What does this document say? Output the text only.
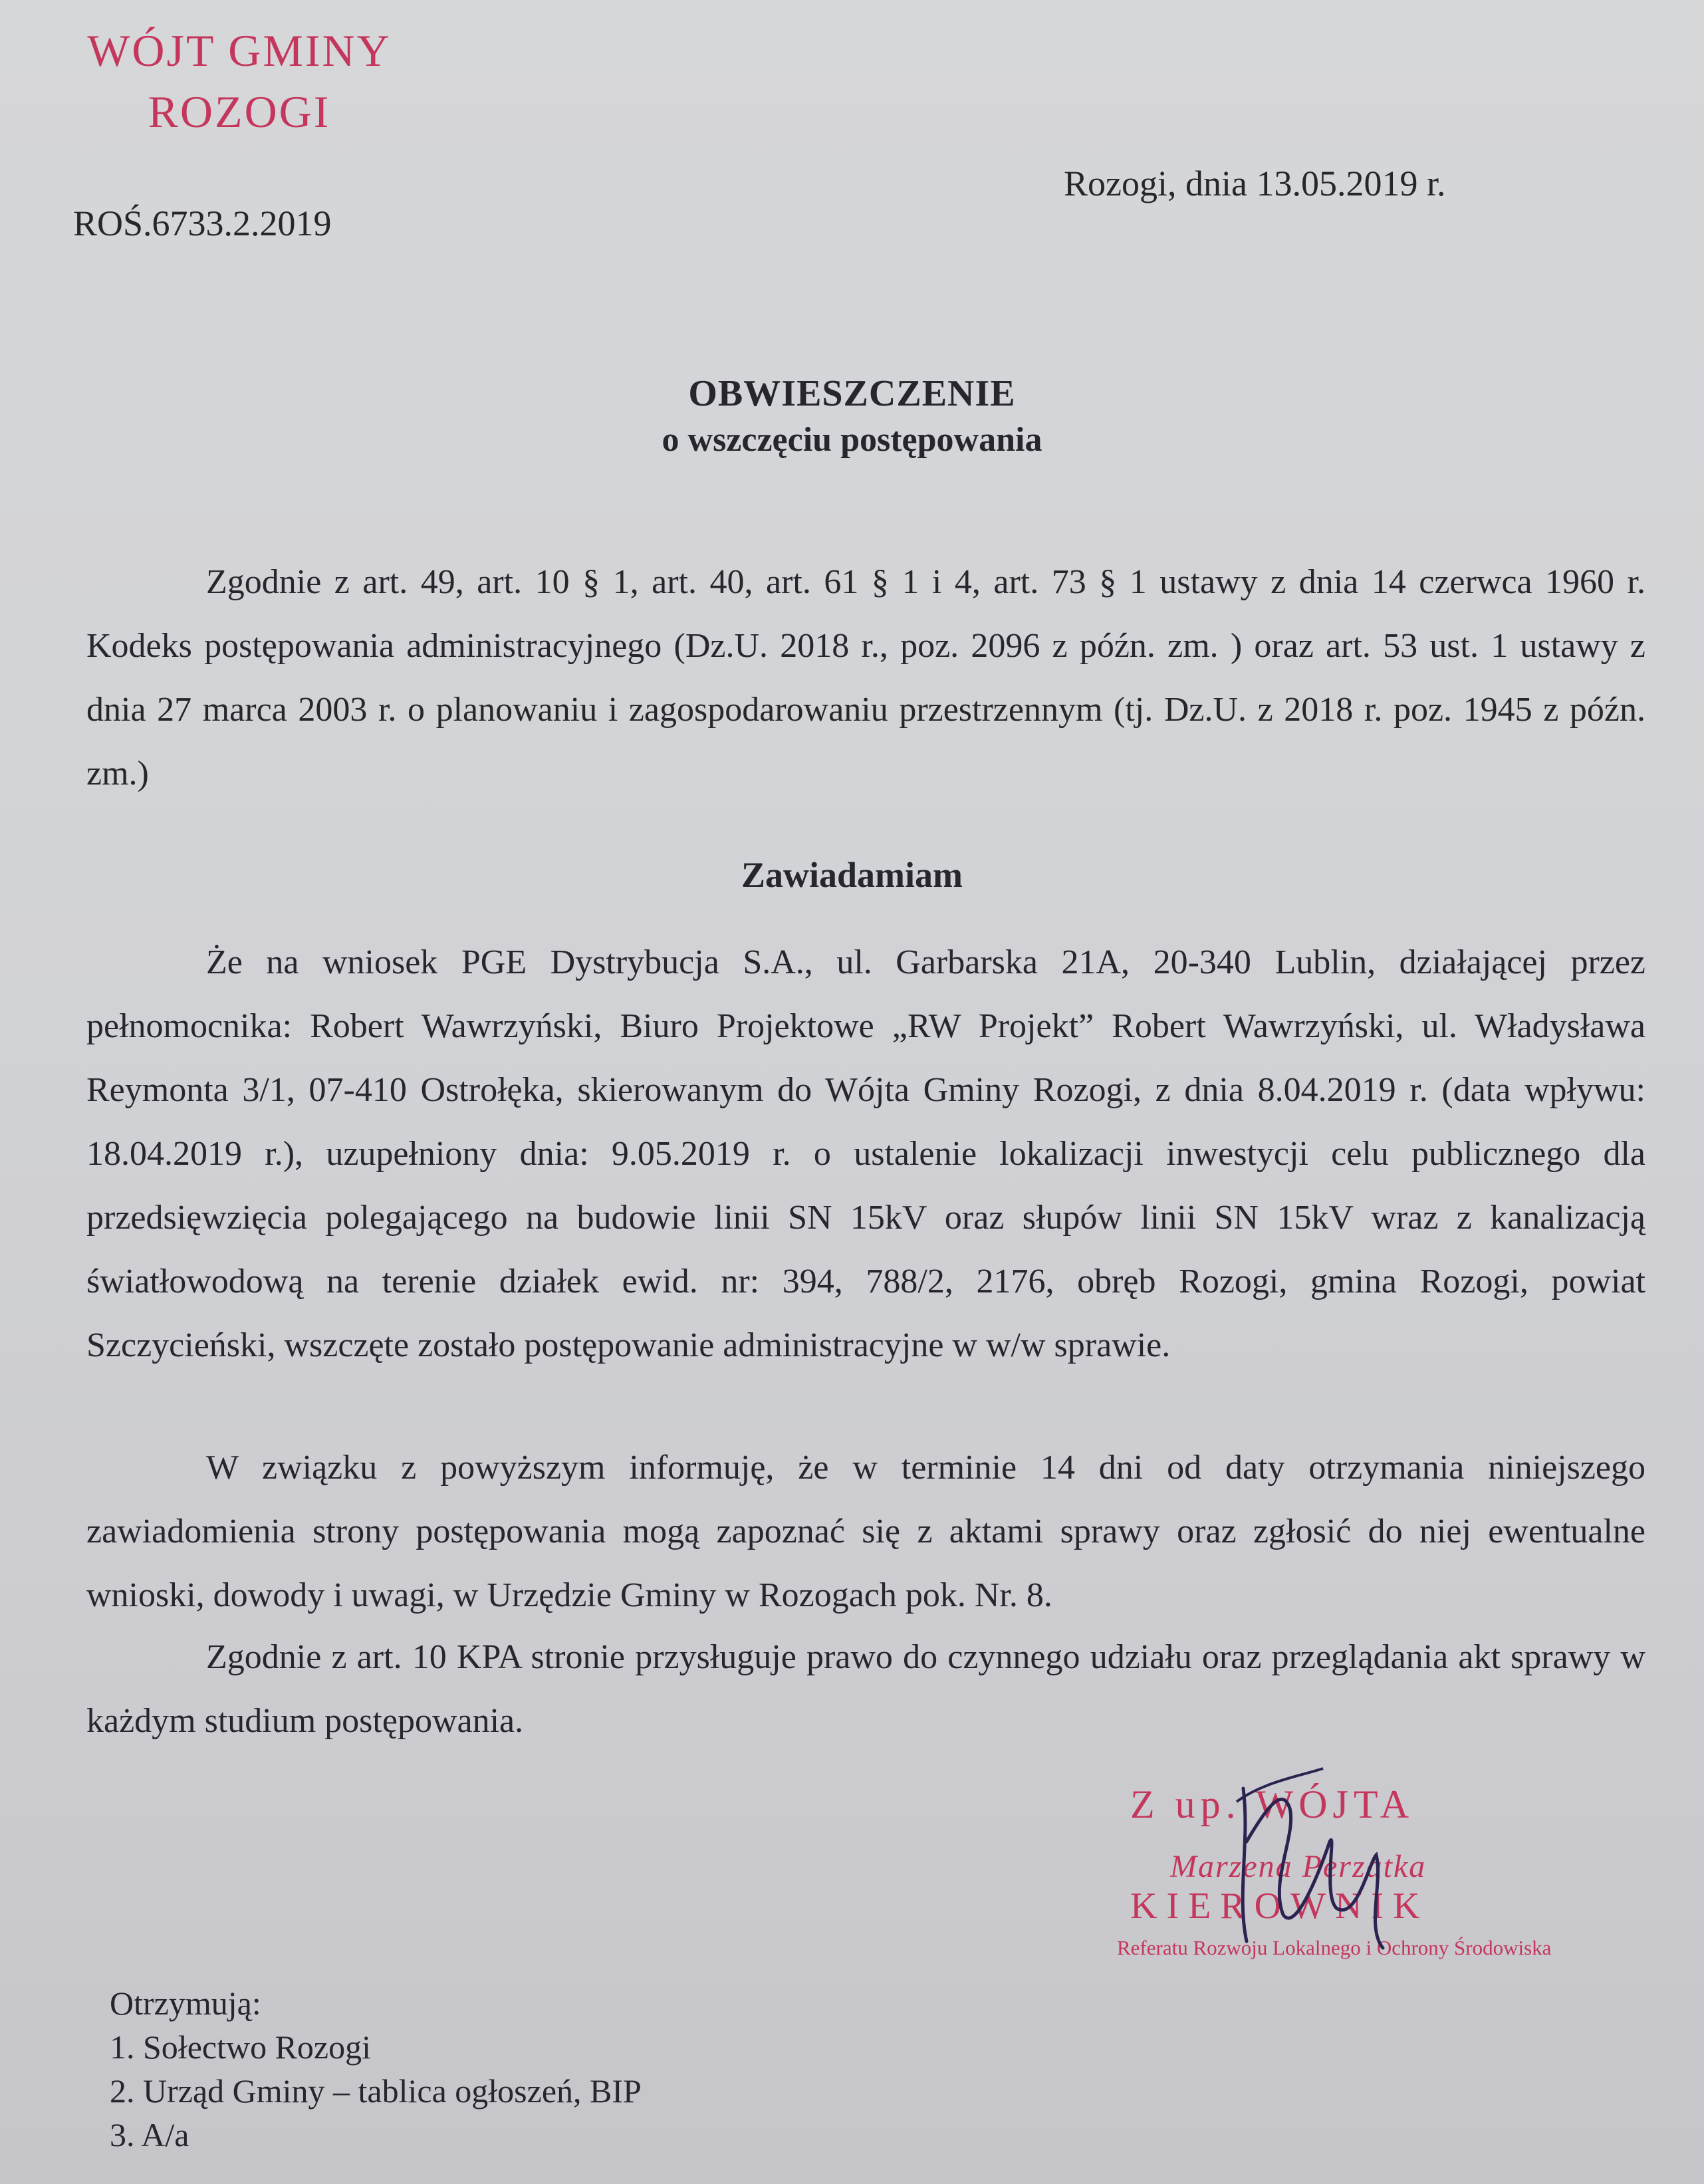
WÓJT GMINY
ROZOGI
Rozogi, dnia 13.05.2019 r.
ROŚ.6733.2.2019
OBWIESZCZENIE
o wszczęciu postępowania

Zgodnie z art. 49, art. 10 § 1, art. 40, art. 61 § 1 i 4, art. 73 § 1 ustawy z dnia 14 czerwca 1960 r. Kodeks postępowania administracyjnego (Dz.U. 2018 r., poz. 2096 z późn. zm. ) oraz art. 53 ust. 1 ustawy z dnia 27 marca 2003 r. o planowaniu i zagospodarowaniu przestrzennym (tj. Dz.U. z 2018 r. poz. 1945 z późn. zm.)

Zawiadamiam

Że na wniosek PGE Dystrybucja S.A., ul. Garbarska 21A, 20-340 Lublin, działającej przez pełnomocnika: Robert Wawrzyński, Biuro Projektowe „RW Projekt” Robert Wawrzyński, ul. Władysława Reymonta 3/1, 07-410 Ostrołęka, skierowanym do Wójta Gminy Rozogi, z dnia 8.04.2019 r. (data wpływu: 18.04.2019 r.), uzupełniony dnia: 9.05.2019 r. o ustalenie lokalizacji inwestycji celu publicznego dla przedsięwzięcia polegającego na budowie linii SN 15kV oraz słupów linii SN 15kV wraz z kanalizacją światłowodową na terenie działek ewid. nr: 394, 788/2, 2176, obręb Rozogi, gmina Rozogi, powiat Szczycieński, wszczęte zostało postępowanie administracyjne w w/w sprawie.

W związku z powyższym informuję, że w terminie 14 dni od daty otrzymania niniejszego zawiadomienia strony postępowania mogą zapoznać się z aktami sprawy oraz zgłosić do niej ewentualne wnioski, dowody i uwagi, w Urzędzie Gminy w Rozogach pok. Nr. 8.

Zgodnie z art. 10 KPA stronie przysługuje prawo do czynnego udziału oraz przeglądania akt sprawy w każdym studium postępowania.

Z up. WÓJTA
Marzena Perzatka
KIEROWNIK
Referatu Rozwoju Lokalnego i Ochrony Środowiska
Otrzymują:
1. Sołectwo Rozogi
2. Urząd Gminy – tablica ogłoszeń, BIP
3. A/a
